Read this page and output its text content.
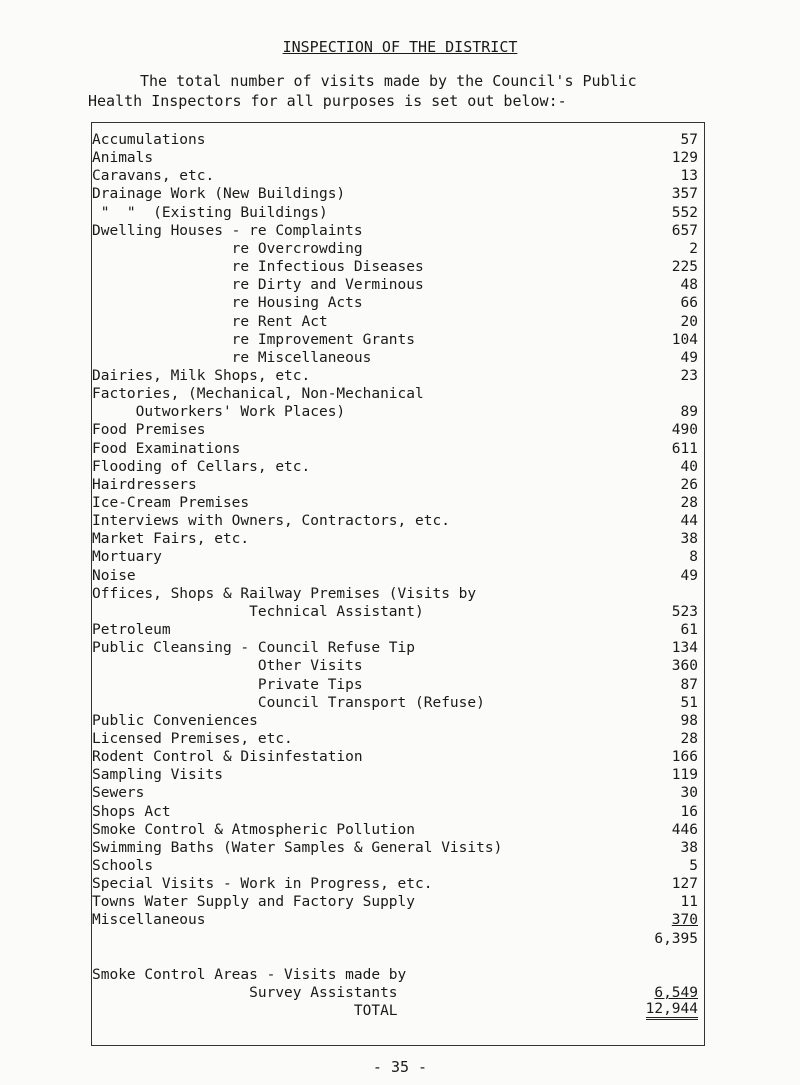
INSPECTION OF THE DISTRICT
The total number of visits made by the Council's Public
Health Inspectors for all purposes is set out below:-
Accumulations	57
Animals	129
Caravans, etc.	13
Drainage Work (New Buildings)	357
"  "  (Existing Buildings)	552
Dwelling Houses - re Complaints	657
re Overcrowding	2
re Infectious Diseases	225
re Dirty and Verminous	48
re Housing Acts	66
re Rent Act	20
re Improvement Grants	104
re Miscellaneous	49
Dairies, Milk Shops, etc.	23
Factories, (Mechanical, Non-Mechanical
Outworkers' Work Places)	89
Food Premises	490
Food Examinations	611
Flooding of Cellars, etc.	40
Hairdressers	26
Ice-Cream Premises	28
Interviews with Owners, Contractors, etc.	44
Market Fairs, etc.	38
Mortuary	8
Noise	49
Offices, Shops & Railway Premises (Visits by
Technical Assistant)	523
Petroleum	61
Public Cleansing - Council Refuse Tip	134
Other Visits	360
Private Tips	87
Council Transport (Refuse)	51
Public Conveniences	98
Licensed Premises, etc.	28
Rodent Control & Disinfestation	166
Sampling Visits	119
Sewers	30
Shops Act	16
Smoke Control & Atmospheric Pollution	446
Swimming Baths (Water Samples & General Visits)	38
Schools	5
Special Visits - Work in Progress, etc.	127
Towns Water Supply and Factory Supply	11
Miscellaneous	370
6,395
Smoke Control Areas - Visits made by
Survey Assistants	6,549
TOTAL	12,944
- 35 -
